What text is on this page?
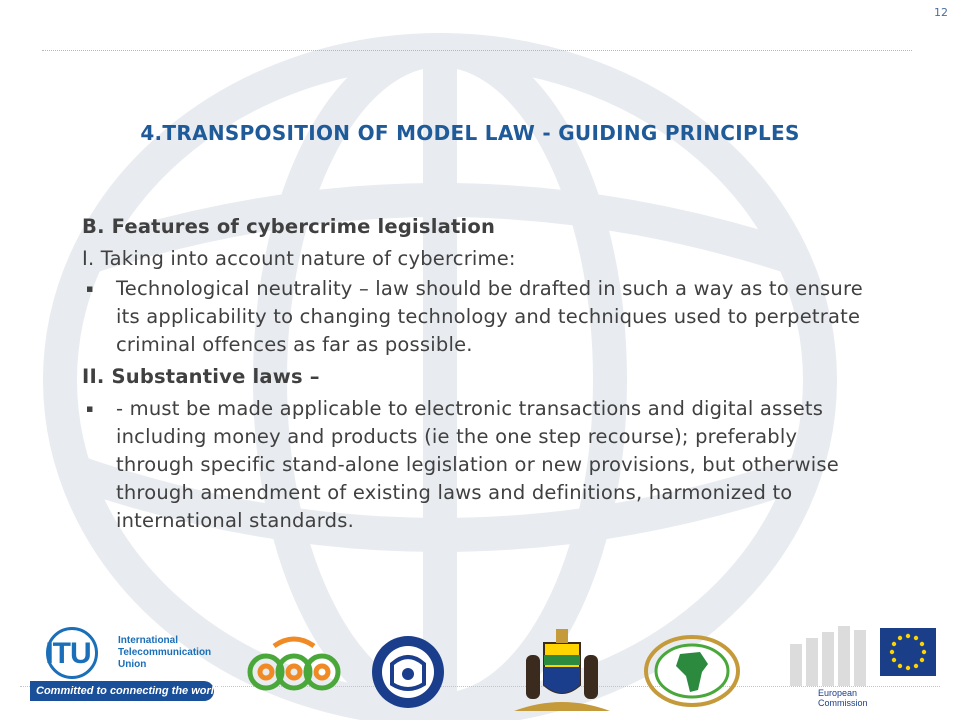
12
4.TRANSPOSITION OF MODEL LAW - GUIDING PRINCIPLES

B. Features of cybercrime legislation

I. Taking into account nature of cybercrime:

▪ Technological neutrality – law should be drafted in such a way as to ensure its applicability to changing technology and techniques used to perpetrate criminal offences as far as possible.

II. Substantive laws –

▪ - must be made applicable to electronic transactions and digital assets including money and products (ie the one step recourse); preferably through specific stand-alone legislation or new provisions, but otherwise through amendment of existing laws and definitions, harmonized to international standards.

ITU	International
Telecommunication
Union
Committed to connecting the world	European
Commission
